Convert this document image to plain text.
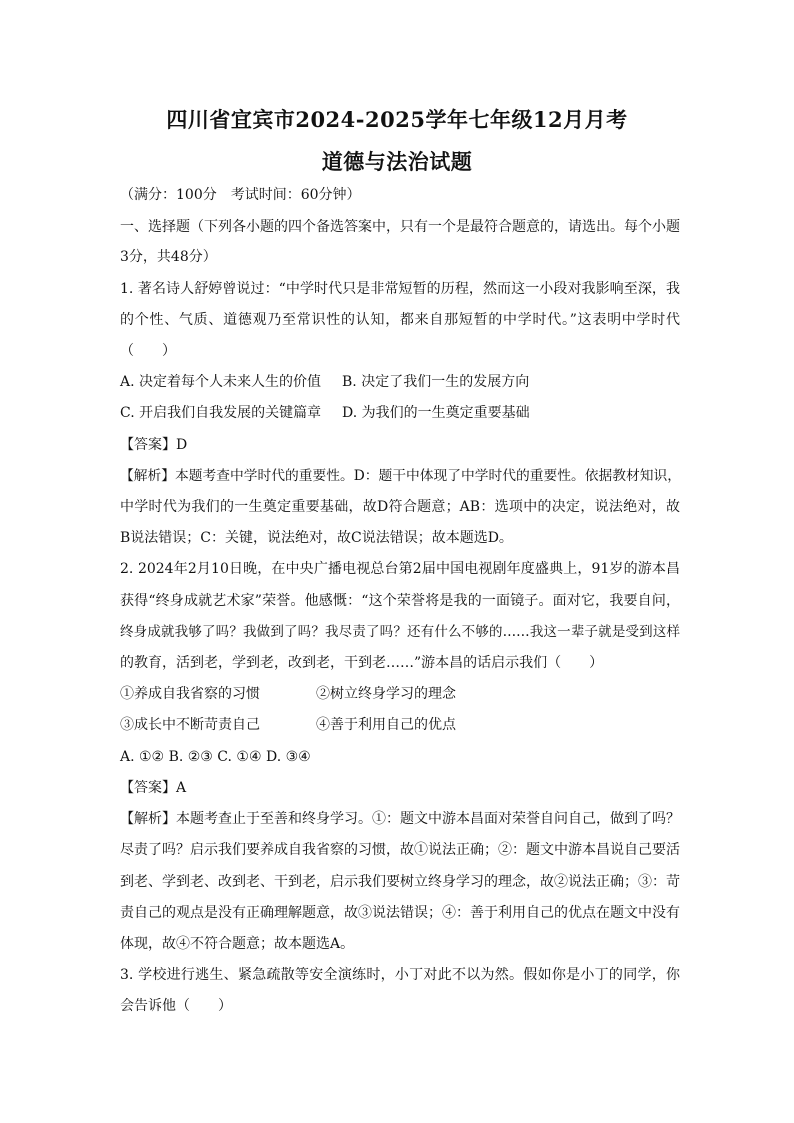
四川省宜宾市2024-2025学年七年级12月月考
道德与法治试题
（满分：100分　考试时间：60分钟）
一、选择题（下列各小题的四个备选答案中，只有一个是最符合题意的，请选出。每个小题
3分，共48分）
1. 著名诗人舒婷曾说过：“中学时代只是非常短暂的历程，然而这一小段对我影响至深，我
的个性、气质、道德观乃至常识性的认知，都来自那短暂的中学时代。”这表明中学时代
（　　）
A. 决定着每个人未来人生的价值 B. 决定了我们一生的发展方向
C. 开启我们自我发展的关键篇章 D. 为我们的一生奠定重要基础
【答案】D
【解析】本题考查中学时代的重要性。D：题干中体现了中学时代的重要性。依据教材知识，
中学时代为我们的一生奠定重要基础，故D符合题意；AB：选项中的决定，说法绝对，故
B说法错误；C：关键，说法绝对，故C说法错误；故本题选D。
2. 2024年2月10日晚，在中央广播电视总台第2届中国电视剧年度盛典上，91岁的游本昌
获得“终身成就艺术家”荣誉。他感慨：“这个荣誉将是我的一面镜子。面对它，我要自问，
终身成就我够了吗？我做到了吗？我尽责了吗？还有什么不够的……我这一辈子就是受到这样
的教育，活到老，学到老，改到老，干到老……”游本昌的话启示我们（　　）
①养成自我省察的习惯	②树立终身学习的理念
③成长中不断苛责自己	④善于利用自己的优点
A. ①② B. ②③ C. ①④ D. ③④
【答案】A
【解析】本题考查止于至善和终身学习。①：题文中游本昌面对荣誉自问自己，做到了吗？
尽责了吗？启示我们要养成自我省察的习惯，故①说法正确；②：题文中游本昌说自己要活
到老、学到老、改到老、干到老，启示我们要树立终身学习的理念，故②说法正确；③：苛
责自己的观点是没有正确理解题意，故③说法错误；④：善于利用自己的优点在题文中没有
体现，故④不符合题意；故本题选A。
3. 学校进行逃生、紧急疏散等安全演练时，小丁对此不以为然。假如你是小丁的同学，你
会告诉他（　　）
